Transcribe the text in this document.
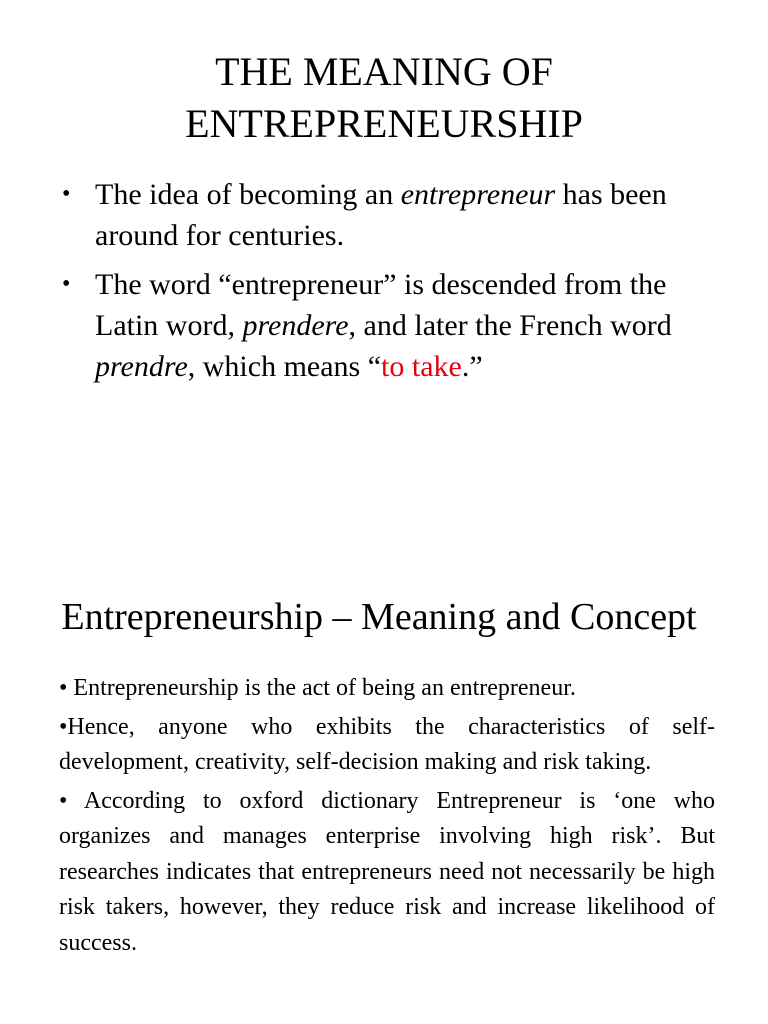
THE MEANING OF
ENTREPRENEURSHIP
• The idea of becoming an entrepreneur has been around for centuries.
• The word “entrepreneur” is descended from the Latin word, prendere, and later the French word prendre, which means “to take.”
Entrepreneurship – Meaning and Concept

• Entrepreneurship is the act of being an entrepreneur.

•Hence, anyone who exhibits the characteristics of self-development, creativity, self-decision making and risk taking.

• According to oxford dictionary Entrepreneur is ‘one who organizes and manages enterprise involving high risk’. But researches indicates that entrepreneurs need not necessarily be high risk takers, however, they reduce risk and increase likelihood of success.
